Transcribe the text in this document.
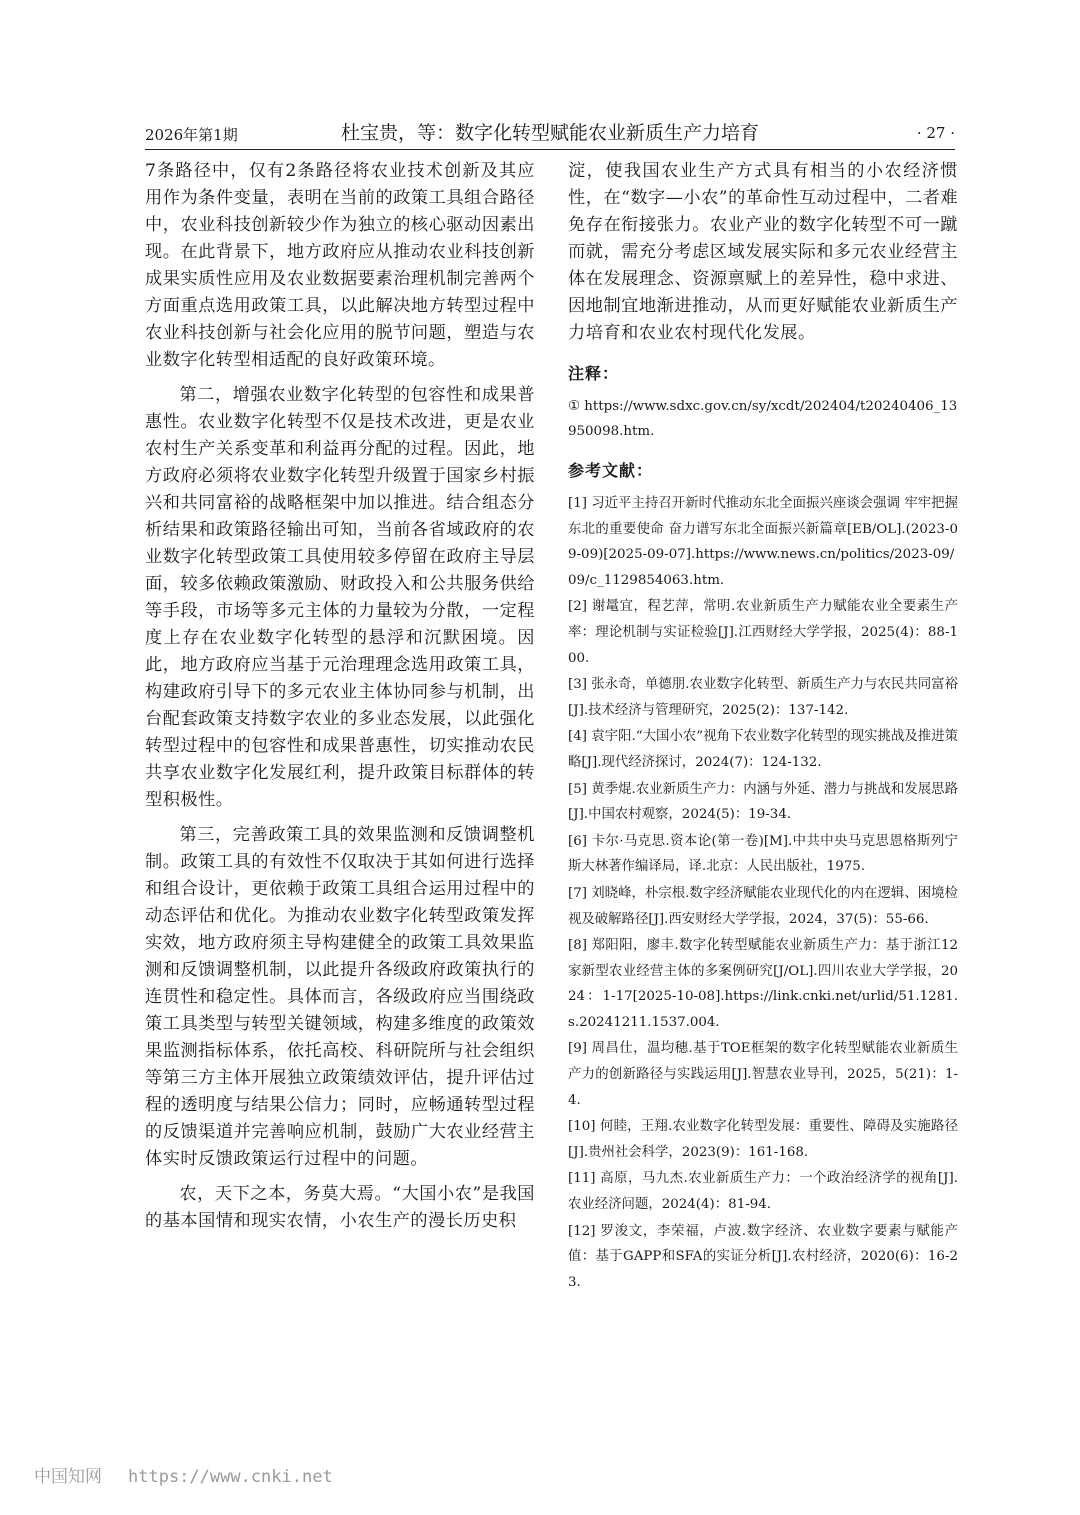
2026年第1期	杜宝贵，等：数字化转型赋能农业新质生产力培育	· 27 ·

7条路径中，仅有2条路径将农业技术创新及其应用作为条件变量，表明在当前的政策工具组合路径中，农业科技创新较少作为独立的核心驱动因素出现。在此背景下，地方政府应从推动农业科技创新成果实质性应用及农业数据要素治理机制完善两个方面重点选用政策工具，以此解决地方转型过程中农业科技创新与社会化应用的脱节问题，塑造与农业数字化转型相适配的良好政策环境。

第二，增强农业数字化转型的包容性和成果普惠性。农业数字化转型不仅是技术改进，更是农业农村生产关系变革和利益再分配的过程。因此，地方政府必须将农业数字化转型升级置于国家乡村振兴和共同富裕的战略框架中加以推进。结合组态分析结果和政策路径输出可知，当前各省域政府的农业数字化转型政策工具使用较多停留在政府主导层面，较多依赖政策激励、财政投入和公共服务供给等手段，市场等多元主体的力量较为分散，一定程度上存在农业数字化转型的悬浮和沉默困境。因此，地方政府应当基于元治理理念选用政策工具，构建政府引导下的多元农业主体协同参与机制，出台配套政策支持数字农业的多业态发展，以此强化转型过程中的包容性和成果普惠性，切实推动农民共享农业数字化发展红利，提升政策目标群体的转型积极性。

第三，完善政策工具的效果监测和反馈调整机制。政策工具的有效性不仅取决于其如何进行选择和组合设计，更依赖于政策工具组合运用过程中的动态评估和优化。为推动农业数字化转型政策发挥实效，地方政府须主导构建健全的政策工具效果监测和反馈调整机制，以此提升各级政府政策执行的连贯性和稳定性。具体而言，各级政府应当围绕政策工具类型与转型关键领域，构建多维度的政策效果监测指标体系，依托高校、科研院所与社会组织等第三方主体开展独立政策绩效评估，提升评估过程的透明度与结果公信力；同时，应畅通转型过程的反馈渠道并完善响应机制，鼓励广大农业经营主体实时反馈政策运行过程中的问题。

农，天下之本，务莫大焉。“大国小农”是我国的基本国情和现实农情，小农生产的漫长历史积

淀，使我国农业生产方式具有相当的小农经济惯性，在“数字—小农”的革命性互动过程中，二者难免存在衔接张力。农业产业的数字化转型不可一蹴而就，需充分考虑区域发展实际和多元农业经营主体在发展理念、资源禀赋上的差异性，稳中求进、因地制宜地渐进推动，从而更好赋能农业新质生产力培育和农业农村现代化发展。

注释：

① https://www.sdxc.gov.cn/sy/xcdt/202404/t20240406_13950098.htm.

参考文献：
[1] 习近平主持召开新时代推动东北全面振兴座谈会强调 牢牢把握东北的重要使命 奋力谱写东北全面振兴新篇章[EB/OL].(2023-09-09)[2025-09-07].https://www.news.cn/politics/2023-09/09/c_1129854063.htm.
[2] 谢鼌宜，程艺萍，常明.农业新质生产力赋能农业全要素生产率：理论机制与实证检验[J].江西财经大学学报，2025(4)：88-100.
[3] 张永奇，单德朋.农业数字化转型、新质生产力与农民共同富裕[J].技术经济与管理研究，2025(2)：137-142.
[4] 袁宇阳.“大国小农”视角下农业数字化转型的现实挑战及推进策略[J].现代经济探讨，2024(7)：124-132.
[5] 黄季焜.农业新质生产力：内涵与外延、潜力与挑战和发展思路[J].中国农村观察，2024(5)：19-34.
[6] 卡尔·马克思.资本论(第一卷)[M].中共中央马克思恩格斯列宁斯大林著作编译局，译.北京：人民出版社，1975.
[7] 刘晓峰，朴宗根.数字经济赋能农业现代化的内在逻辑、困境检视及破解路径[J].西安财经大学学报，2024，37(5)：55-66.
[8] 郑阳阳，廖丰.数字化转型赋能农业新质生产力：基于浙江12家新型农业经营主体的多案例研究[J/OL].四川农业大学学报，2024：1-17[2025-10-08].https://link.cnki.net/urlid/51.1281.s.20241211.1537.004.
[9] 周昌仕，温均穗.基于TOE框架的数字化转型赋能农业新质生产力的创新路径与实践运用[J].智慧农业导刊，2025，5(21)：1-4.
[10] 何睦，王翔.农业数字化转型发展：重要性、障碍及实施路径[J].贵州社会科学，2023(9)：161-168.
[11] 高原，马九杰.农业新质生产力：一个政治经济学的视角[J].农业经济问题，2024(4)：81-94.
[12] 罗浚文，李荣福，卢波.数字经济、农业数字要素与赋能产值：基于GAPP和SFA的实证分析[J].农村经济，2020(6)：16-23.
中国知网 https://www.cnki.net
